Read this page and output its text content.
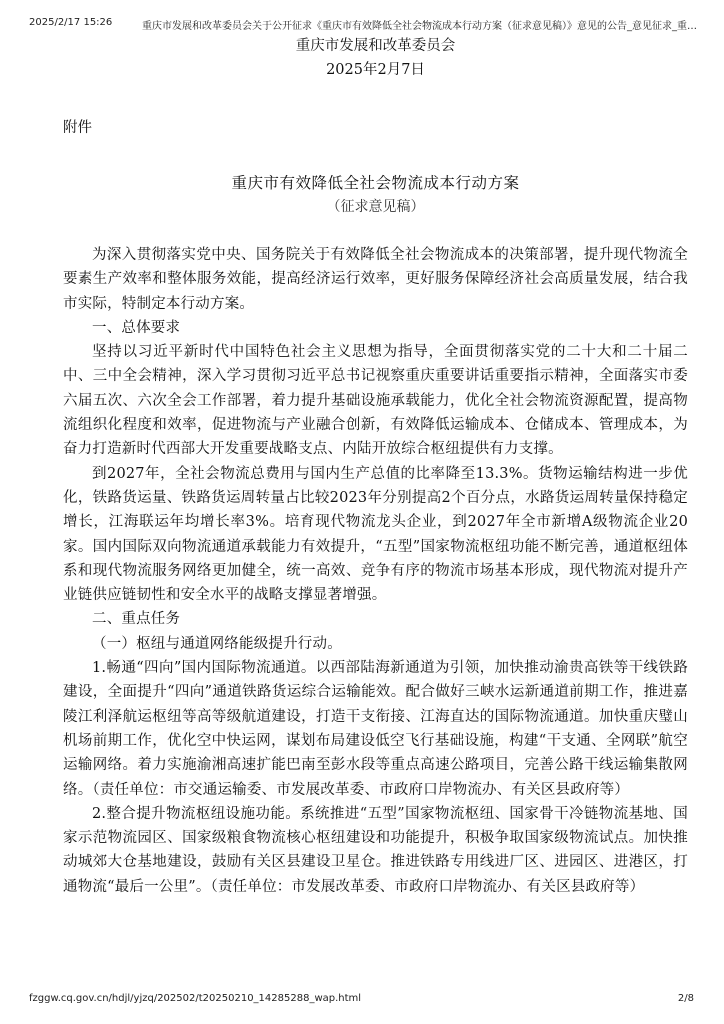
2025/2/17 15:26	重庆市发展和改革委员会关于公开征求《重庆市有效降低全社会物流成本行动方案（征求意见稿）》意见的公告_意见征求_重…

重庆市发展和改革委员会

2025年2月7日

附件

重庆市有效降低全社会物流成本行动方案

（征求意见稿）

为深入贯彻落实党中央、国务院关于有效降低全社会物流成本的决策部署，提升现代物流全要素生产效率和整体服务效能，提高经济运行效率，更好服务保障经济社会高质量发展，结合我市实际，特制定本行动方案。

一、总体要求

坚持以习近平新时代中国特色社会主义思想为指导，全面贯彻落实党的二十大和二十届二中、三中全会精神，深入学习贯彻习近平总书记视察重庆重要讲话重要指示精神，全面落实市委六届五次、六次全会工作部署，着力提升基础设施承载能力，优化全社会物流资源配置，提高物流组织化程度和效率，促进物流与产业融合创新，有效降低运输成本、仓储成本、管理成本，为奋力打造新时代西部大开发重要战略支点、内陆开放综合枢纽提供有力支撑。

到2027年，全社会物流总费用与国内生产总值的比率降至13.3%。货物运输结构进一步优化，铁路货运量、铁路货运周转量占比较2023年分别提高2个百分点，水路货运周转量保持稳定增长，江海联运年均增长率3%。培育现代物流龙头企业，到2027年全市新增A级物流企业20家。国内国际双向物流通道承载能力有效提升，“五型”国家物流枢纽功能不断完善，通道枢纽体系和现代物流服务网络更加健全，统一高效、竞争有序的物流市场基本形成，现代物流对提升产业链供应链韧性和安全水平的战略支撑显著增强。

二、重点任务

（一）枢纽与通道网络能级提升行动。

1.畅通“四向”国内国际物流通道。以西部陆海新通道为引领，加快推动渝贵高铁等干线铁路建设，全面提升“四向”通道铁路货运综合运输能效。配合做好三峡水运新通道前期工作，推进嘉陵江利泽航运枢纽等高等级航道建设，打造干支衔接、江海直达的国际物流通道。加快重庆璧山机场前期工作，优化空中快运网，谋划布局建设低空飞行基础设施，构建“干支通、全网联”航空运输网络。着力实施渝湘高速扩能巴南至彭水段等重点高速公路项目，完善公路干线运输集散网络。（责任单位：市交通运输委、市发展改革委、市政府口岸物流办、有关区县政府等）

2.整合提升物流枢纽设施功能。系统推进“五型”国家物流枢纽、国家骨干冷链物流基地、国家示范物流园区、国家级粮食物流核心枢纽建设和功能提升，积极争取国家级物流试点。加快推动城郊大仓基地建设，鼓励有关区县建设卫星仓。推进铁路专用线进厂区、进园区、进港区，打通物流“最后一公里”。（责任单位：市发展改革委、市政府口岸物流办、有关区县政府等）

fzggw.cq.gov.cn/hdjl/yjzq/202502/t20250210_14285288_wap.html	2/8
